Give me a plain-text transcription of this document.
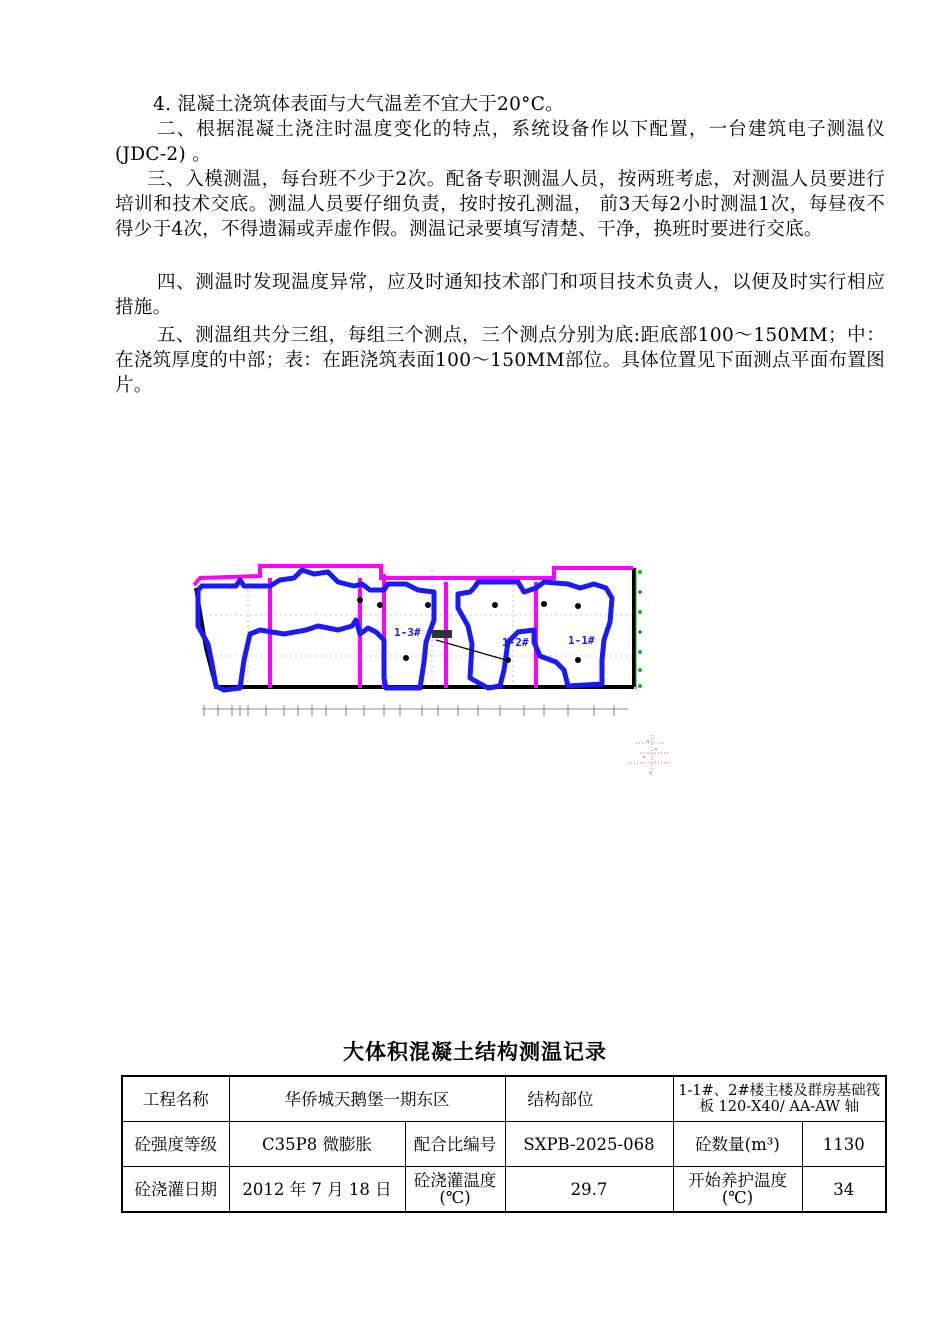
4. 混凝土浇筑体表面与大气温差不宜大于20°C。

二、根据混凝土浇注时温度变化的特点，系统设备作以下配置，一台建筑电子测温仪(JDC-2) 。

三、入模测温，每台班不少于2次。配备专职测温人员，按两班考虑，对测温人员要进行培训和技术交底。测温人员要仔细负责，按时按孔测温， 前3天每2小时测温1次，每昼夜不得少于4次，不得遗漏或弄虚作假。测温记录要填写清楚、干净，换班时要进行交底。

四、测温时发现温度异常，应及时通知技术部门和项目技术负责人，以便及时实行相应措施。

五、测温组共分三组，每组三个测点，三个测点分别为底:距底部100～150MM；中：在浇筑厚度的中部；表：在距浇筑表面100～150MM部位。具体位置见下面测点平面布置图片。

1-3#
1-2#	1-1#
大体积混凝土结构测温记录
工程名称	华侨城天鹅堡一期东区		结构部位	1-1#、2#楼主楼及群房基础筏板 120-X40/ AA-AW 轴	
砼强度等级	C35P8 微膨胀	配合比编号	SXPB-2025-068	砼数量(m³)	1130
砼浇灌日期	2012 年 7 月 18 日	砼浇灌温度(℃)	29.7	开始养护温度(℃)	34
